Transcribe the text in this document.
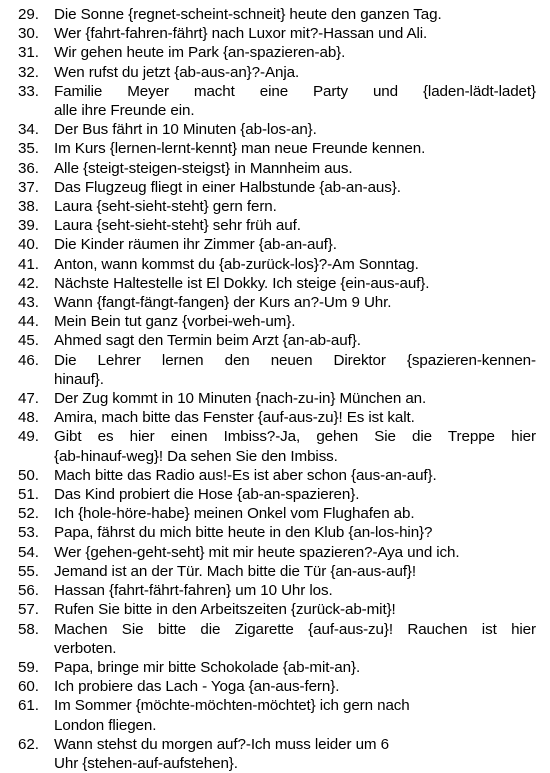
29. Die Sonne {regnet-scheint-schneit} heute den ganzen Tag.
30. Wer {fahrt-fahren-fährt} nach Luxor mit?-Hassan und Ali.
31. Wir gehen heute im Park {an-spazieren-ab}.
32. Wen rufst du jetzt {ab-aus-an}?-Anja.
33. Familie Meyer macht eine Party und {laden-lädt-ladet}
alle ihre Freunde ein.
34. Der Bus fährt in 10 Minuten {ab-los-an}.
35. Im Kurs {lernen-lernt-kennt} man neue Freunde kennen.
36. Alle {steigt-steigen-steigst} in Mannheim aus.
37. Das Flugzeug fliegt in einer Halbstunde {ab-an-aus}.
38. Laura {seht-sieht-steht} gern fern.
39. Laura {seht-sieht-steht} sehr früh auf.
40. Die Kinder räumen ihr Zimmer {ab-an-auf}.
41. Anton, wann kommst du {ab-zurück-los}?-Am Sonntag.
42. Nächste Haltestelle ist El Dokky. Ich steige {ein-aus-auf}.
43. Wann {fangt-fängt-fangen} der Kurs an?-Um 9 Uhr.
44. Mein Bein tut ganz {vorbei-weh-um}.
45. Ahmed sagt den Termin beim Arzt {an-ab-auf}.
46. Die Lehrer lernen den neuen Direktor {spazieren-kennen-
hinauf}.
47. Der Zug kommt in 10 Minuten {nach-zu-in} München an.
48. Amira, mach bitte das Fenster {auf-aus-zu}! Es ist kalt.
49. Gibt es hier einen Imbiss?-Ja, gehen Sie die Treppe hier
{ab-hinauf-weg}! Da sehen Sie den Imbiss.
50. Mach bitte das Radio aus!-Es ist aber schon {aus-an-auf}.
51. Das Kind probiert die Hose {ab-an-spazieren}.
52. Ich {hole-höre-habe} meinen Onkel vom Flughafen ab.
53. Papa, fährst du mich bitte heute in den Klub {an-los-hin}?
54. Wer {gehen-geht-seht} mit mir heute spazieren?-Aya und ich.
55. Jemand ist an der Tür. Mach bitte die Tür {an-aus-auf}!
56. Hassan {fahrt-fährt-fahren} um 10 Uhr los.
57. Rufen Sie bitte in den Arbeitszeiten {zurück-ab-mit}!
58. Machen Sie bitte die Zigarette {auf-aus-zu}! Rauchen ist hier
verboten.
59. Papa, bringe mir bitte Schokolade {ab-mit-an}.
60. Ich probiere das Lach - Yoga {an-aus-fern}.
61. Im Sommer {möchte-möchten-möchtet} ich gern nach
London fliegen.
62. Wann stehst du morgen auf?-Ich muss leider um 6
Uhr {stehen-auf-aufstehen}.
